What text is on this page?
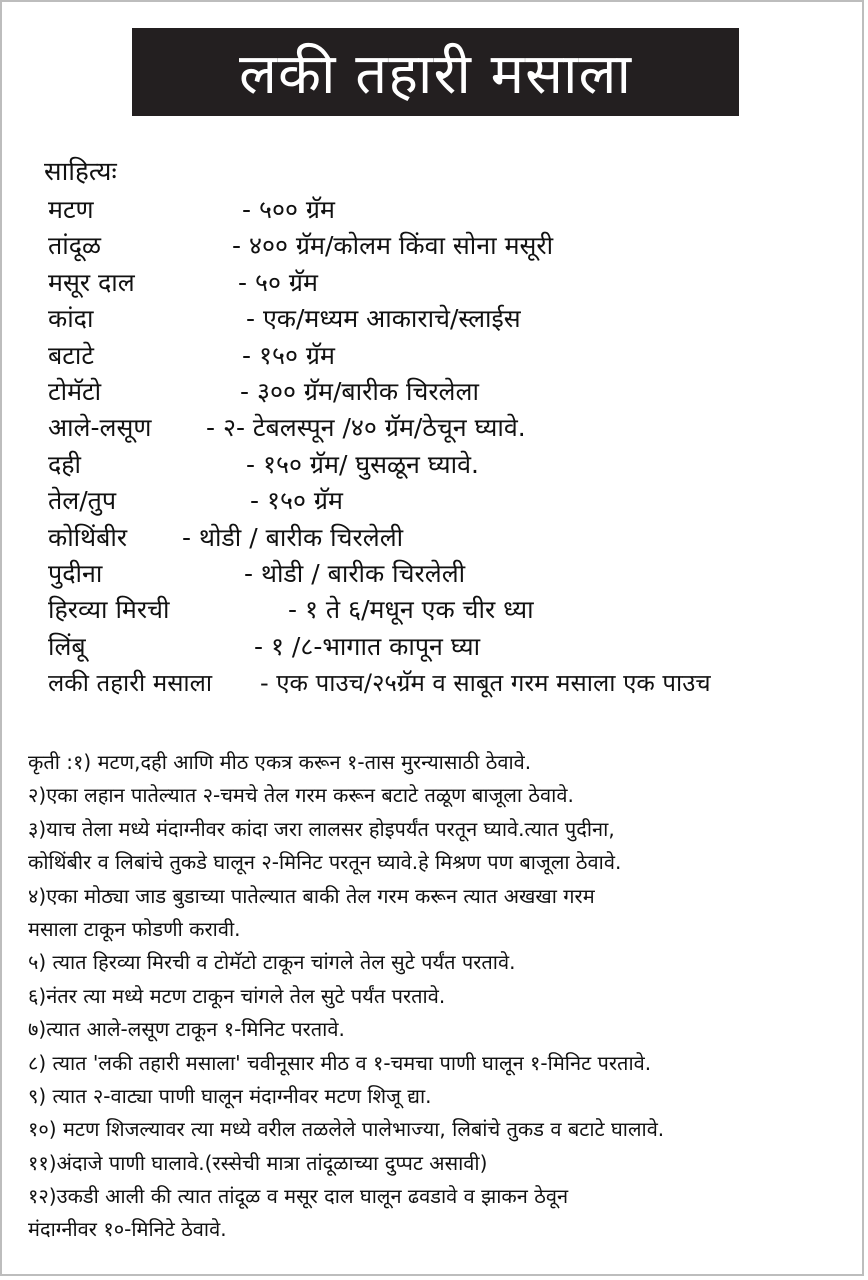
लकी तहारी मसाला
साहित्यः
मटण	- ५०० ग्रॅम
तांदूळ	- ४०० ग्रॅम/कोलम किंवा सोना मसूरी
मसूर दाल	- ५० ग्रॅम
कांदा	- एक/मध्यम आकाराचे/स्लाईस
बटाटे	- १५० ग्रॅम
टोमॅटो	- ३०० ग्रॅम/बारीक चिरलेला
आले-लसूण - २- टेबलस्पून /४० ग्रॅम/ठेचून घ्यावे.
दही	- १५० ग्रॅम/ घुसळून घ्यावे.
तेल/तुप	- १५० ग्रॅम
कोथिंबीर - थोडी / बारीक चिरलेली
पुदीना	- थोडी / बारीक चिरलेली
हिरव्या मिरची	- १ ते ६/मधून एक चीर ध्या
लिंबू	- १ /८-भागात कापून घ्या
लकी तहारी मसाला - एक पाउच/२५ग्रॅम व साबूत गरम मसाला एक पाउच
कृती :१) मटण,दही आणि मीठ एकत्र करून १-तास मुरन्यासाठी ठेवावे.
२)एका लहान पातेल्यात २-चमचे तेल गरम करून बटाटे तळूण बाजूला ठेवावे.
३)याच तेला मध्ये मंदाग्नीवर कांदा जरा लालसर होइपर्यंत परतून घ्यावे.त्यात पुदीना,
कोथिंबीर व लिबांचे तुकडे घालून २-मिनिट परतून घ्यावे.हे मिश्रण पण बाजूला ठेवावे.
४)एका मोठ्या जाड बुडाच्या पातेल्यात बाकी तेल गरम करून त्यात अखखा गरम
मसाला टाकून फोडणी करावी.
५) त्यात हिरव्या मिरची व टोमॅटो टाकून चांगले तेल सुटे पर्यंत परतावे.
६)नंतर त्या मध्ये मटण टाकून चांगले तेल सुटे पर्यंत परतावे.
७)त्यात आले-लसूण टाकून १-मिनिट परतावे.
८) त्यात 'लकी तहारी मसाला' चवीनूसार मीठ व १-चमचा पाणी घालून १-मिनिट परतावे.
९) त्यात २-वाट्या पाणी घालून मंदाग्नीवर मटण शिजू द्या.
१०) मटण शिजल्यावर त्या मध्ये वरील तळलेले पालेभाज्या, लिबांचे तुकड व बटाटे घालावे.
११)अंदाजे पाणी घालावे.(रस्सेची मात्रा तांदूळाच्या दुप्पट असावी)
१२)उकडी आली की त्यात तांदूळ व मसूर दाल घालून ढवडावे व झाकन ठेवून
मंदाग्नीवर १०-मिनिटे ठेवावे.
